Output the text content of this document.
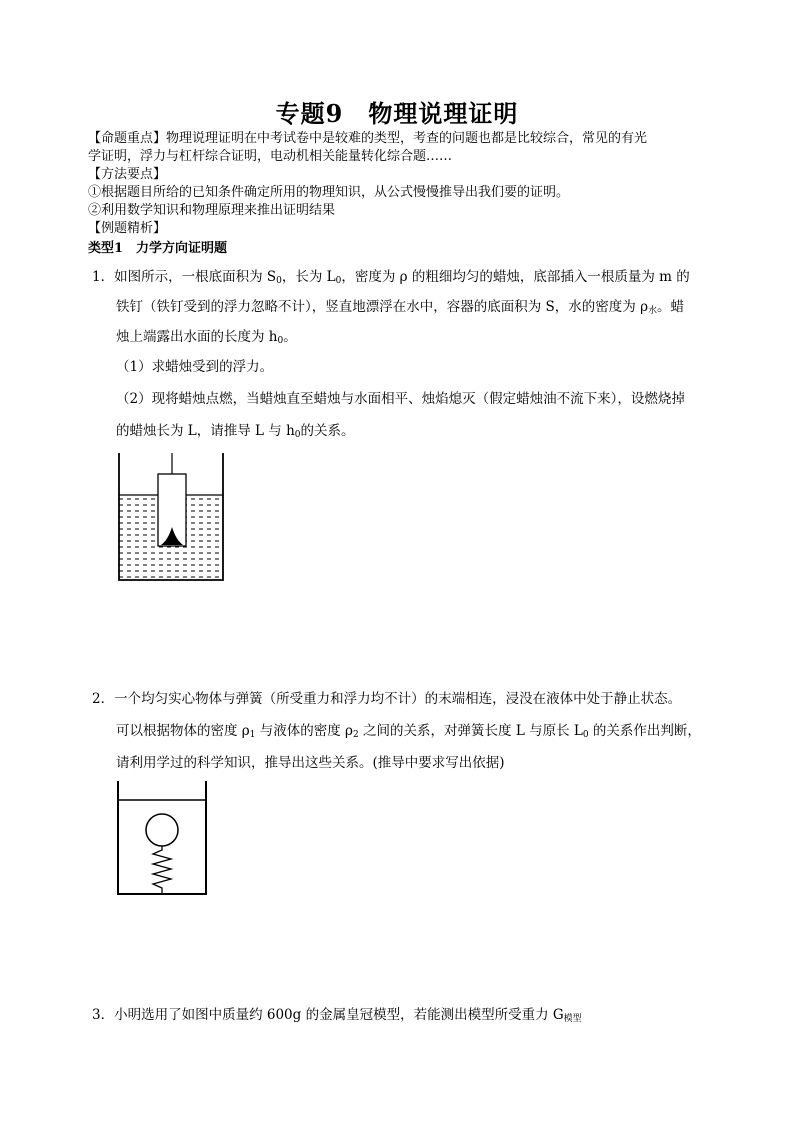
专题9　物理说理证明
【命题重点】物理说理证明在中考试卷中是较难的类型，考查的问题也都是比较综合，常见的有光
学证明，浮力与杠杆综合证明，电动机相关能量转化综合题……
【方法要点】
①根据题目所给的已知条件确定所用的物理知识，从公式慢慢推导出我们要的证明。
②利用数学知识和物理原理来推出证明结果
【例题精析】
类型1　力学方向证明题
1．如图所示，一根底面积为 $S_0$，长为 $L_0$，密度为 ρ 的粗细均匀的蜡烛，底部插入一根质量为 m 的
铁钉（铁钉受到的浮力忽略不计），竖直地漂浮在水中，容器的底面积为 S，水的密度为 $\rho_水$。蜡
烛上端露出水面的长度为 $h_0$。
（1）求蜡烛受到的浮力。
（2）现将蜡烛点燃，当蜡烛直至蜡烛与水面相平、烛焰熄灭（假定蜡烛油不流下来），设燃烧掉
的蜡烛长为 L，请推导 L 与 $h_0$的关系。
2．一个均匀实心物体与弹簧（所受重力和浮力均不计）的末端相连，浸没在液体中处于静止状态。
可以根据物体的密度 $\rho_1$ 与液体的密度 $\rho_2$ 之间的关系，对弹簧长度 L 与原长 $L_0$ 的关系作出判断，
请利用学过的科学知识，推导出这些关系。(推导中要求写出依据)
3．小明选用了如图中质量约 600g 的金属皇冠模型，若能测出模型所受重力 $G_{模型}$
